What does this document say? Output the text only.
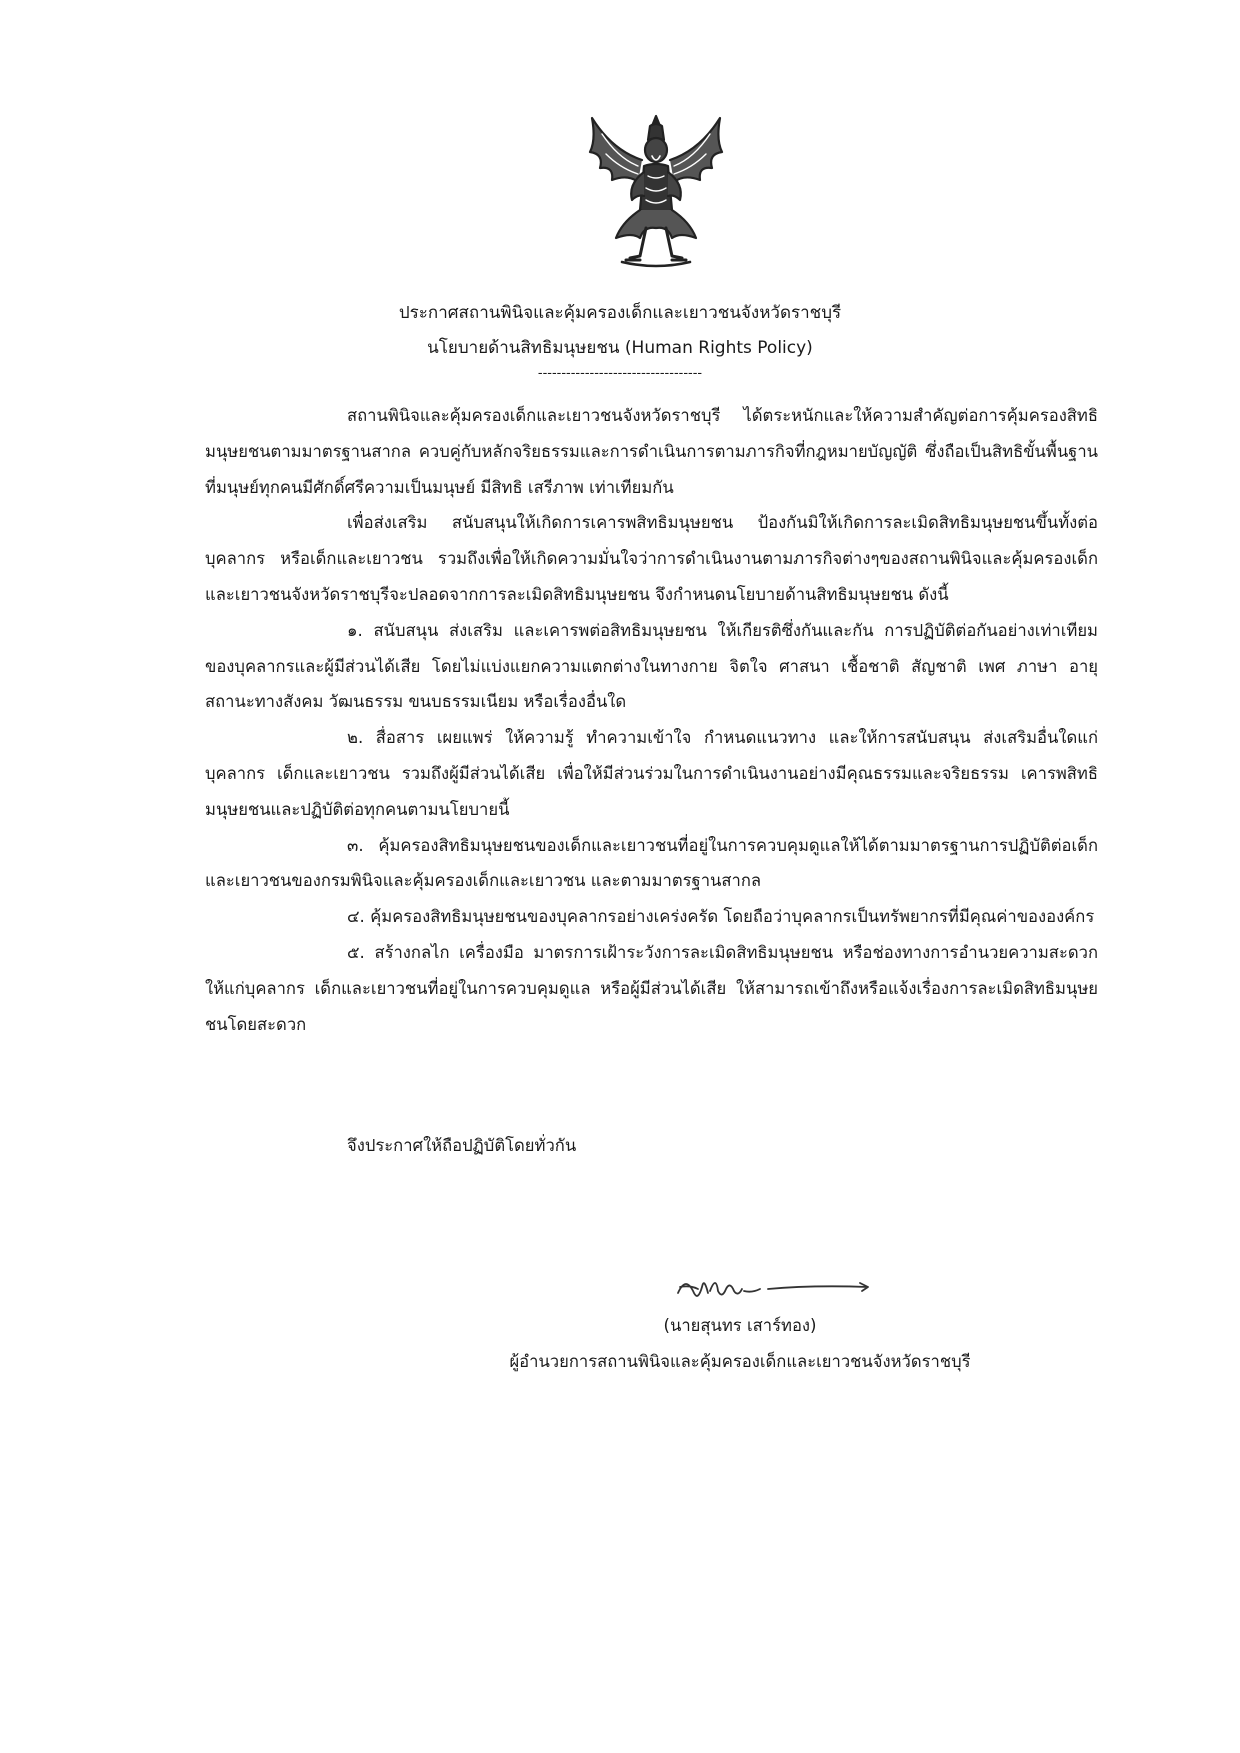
ประกาศสถานพินิจและคุ้มครองเด็กและเยาวชนจังหวัดราชบุรี
นโยบายด้านสิทธิมนุษยชน (Human Rights Policy)
-----------------------------------

สถานพินิจและคุ้มครองเด็กและเยาวชนจังหวัดราชบุรี ได้ตระหนักและให้ความสำคัญต่อการคุ้มครองสิทธิมนุษยชนตามมาตรฐานสากล ควบคู่กับหลักจริยธรรมและการดำเนินการตามภารกิจที่กฎหมายบัญญัติ ซึ่งถือเป็นสิทธิขั้นพื้นฐานที่มนุษย์ทุกคนมีศักดิ์ศรีความเป็นมนุษย์ มีสิทธิ เสรีภาพ เท่าเทียมกัน

เพื่อส่งเสริม สนับสนุนให้เกิดการเคารพสิทธิมนุษยชน ป้องกันมิให้เกิดการละเมิดสิทธิมนุษยชนขึ้นทั้งต่อบุคลากร หรือเด็กและเยาวชน รวมถึงเพื่อให้เกิดความมั่นใจว่าการดำเนินงานตามภารกิจต่างๆของสถานพินิจและคุ้มครองเด็กและเยาวชนจังหวัดราชบุรีจะปลอดจากการละเมิดสิทธิมนุษยชน จึงกำหนดนโยบายด้านสิทธิมนุษยชน ดังนี้

๑. สนับสนุน ส่งเสริม และเคารพต่อสิทธิมนุษยชน ให้เกียรติซึ่งกันและกัน การปฏิบัติต่อกันอย่างเท่าเทียมของบุคลากรและผู้มีส่วนได้เสีย โดยไม่แบ่งแยกความแตกต่างในทางกาย จิตใจ ศาสนา เชื้อชาติ สัญชาติ เพศ ภาษา อายุ สถานะทางสังคม วัฒนธรรม ขนบธรรมเนียม หรือเรื่องอื่นใด

๒. สื่อสาร เผยแพร่ ให้ความรู้ ทำความเข้าใจ กำหนดแนวทาง และให้การสนับสนุน ส่งเสริมอื่นใดแก่บุคลากร เด็กและเยาวชน รวมถึงผู้มีส่วนได้เสีย เพื่อให้มีส่วนร่วมในการดำเนินงานอย่างมีคุณธรรมและจริยธรรม เคารพสิทธิมนุษยชนและปฏิบัติต่อทุกคนตามนโยบายนี้

๓. คุ้มครองสิทธิมนุษยชนของเด็กและเยาวชนที่อยู่ในการควบคุมดูแลให้ได้ตามมาตรฐานการปฏิบัติต่อเด็กและเยาวชนของกรมพินิจและคุ้มครองเด็กและเยาวชน และตามมาตรฐานสากล

๔. คุ้มครองสิทธิมนุษยชนของบุคลากรอย่างเคร่งครัด โดยถือว่าบุคลากรเป็นทรัพยากรที่มีคุณค่าขององค์กร

๕. สร้างกลไก เครื่องมือ มาตรการเฝ้าระวังการละเมิดสิทธิมนุษยชน หรือช่องทางการอำนวยความสะดวกให้แก่บุคลากร เด็กและเยาวชนที่อยู่ในการควบคุมดูแล หรือผู้มีส่วนได้เสีย ให้สามารถเข้าถึงหรือแจ้งเรื่องการละเมิดสิทธิมนุษยชนโดยสะดวก

จึงประกาศให้ถือปฏิบัติโดยทั่วกัน
(นายสุนทร เสาร์ทอง)
ผู้อำนวยการสถานพินิจและคุ้มครองเด็กและเยาวชนจังหวัดราชบุรี
